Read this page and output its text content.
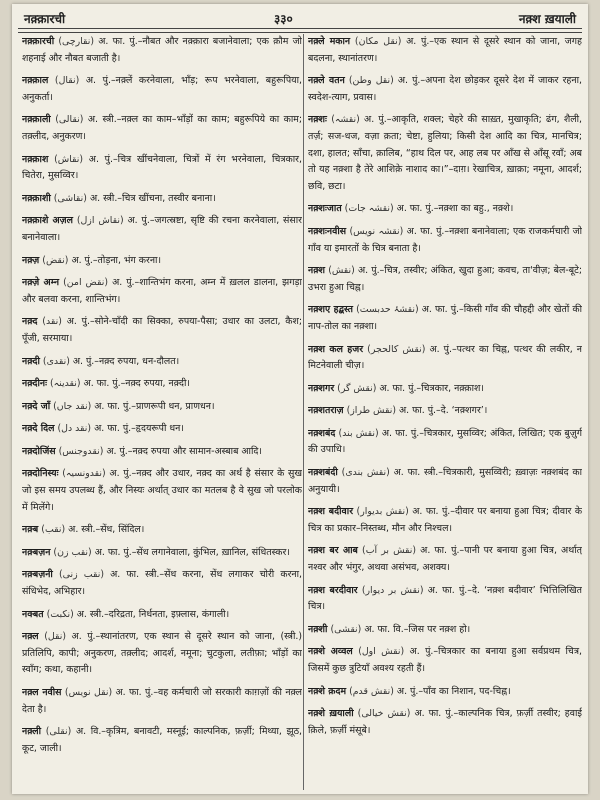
नक़्क़ारची	३३०	नक़्श ख़याली
नक़्क़ारची (نقارچی) अ. फा. पुं.–नौबत और नक़्क़ारा बजानेवाला; एक क़ौम जो शहनाई और नौबत बजाती है।
नक़्क़ाल (نقال) अ. पुं.–नक़्लें करनेवाला, भाँड़; रूप भरनेवाला, बहुरूपिया, अनुकर्ता।
नक़्क़ाली (نقالی) अ. स्त्री.–नक़्ल का काम–भाँड़ों का काम; बहुरूपिये का काम; तक़्लीद, अनुकरण।
नक़्क़ाश (نقاش) अ. पुं.–चित्र खींचनेवाला, चित्रों में रंग भरनेवाला, चित्रकार, चितेरा, मुसव्विर।
नक़्क़ाशी (نقاشی) अ. स्त्री.–चित्र खींचना, तस्वीर बनाना।
नक़्क़ाशे अज़ल (نقاش ازل) अ. पुं.–जगत्स्रष्टा, सृष्टि की रचना करनेवाला, संसार बनानेवाला।
नक़्ज़ (نقض) अ. पुं.–तोड़ना, भंग करना।
नक़्ज़े अम्न (نقض امن) अ. पुं.–शान्तिभंग करना, अम्न में ख़लल डालना, झगड़ा और बलवा करना, शान्तिभंग।
नक़्द (نقد) अ. पुं.–सोने-चाँदी का सिक्का, रुपया-पैसा; उधार का उलटा, कैश; पूँजी, सरमाया।
नक़्दी (نقدی) अ. पुं.–नक़्द रुपया, धन-दौलत।
नक़्दीनः (نقدینہ) अ. फा. पुं.–नक़्द रुपया, नक़्दी।
नक़्दे जाँ (نقد جاں) अ. फा. पुं.–प्राणरूपी धन, प्राणधन।
नक़्दे दिल (نقد دل) अ. फा. पुं.–हृदयरूपी धन।
नक़्दोजिंस (نقدوجنس) अ. पुं.–नक़्द रुपया और सामान-अस्बाब आदि।
नक़्दोनिस्यः (نقدونسیہ) अ. पुं.–नक़्द और उधार, नक़्द का अर्थ है संसार के सुख जो इस समय उपलब्ध हैं, और निस्यः अर्थात् उधार का मतलब है वे सुख जो परलोक में मिलेंगे।
नक़्ब (نقب) अ. स्त्री.–सेंध, सिंदिल।
नक़्बज़न (نقب زن) अ. फा. पुं.–सेंध लगानेवाला, कुंभिल, ख़ानिल, संधितस्कर।
नक़्बज़नी (نقب زنی) अ. फा. स्त्री.–सेंध करना, सेंध लगाकर चोरी करना, संधिभेद, अभिहार।
नक्बत (نکبت) अ. स्त्री.–दरिद्रता, निर्धनता, इफ़्लास, कंगाली।
नक़्ल (نقل) अ. पुं.–स्थानांतरण, एक स्थान से दूसरे स्थान को जाना, (स्त्री.) प्रतिलिपि, कापी; अनुकरण, तक़्लीद; आदर्श, नमूना; चुटकुला, लतीफ़ा; भाँड़ों का स्वाँग; कथा, कहानी।
नक़्ल नवीस (نقل نویس) अ. फा. पुं.–वह कर्मचारी जो सरकारी काग़ज़ों की नक़्ल देता है।
नक़्ली (نقلی) अ. वि.–कृत्रिम, बनावटी, मस्नूई; काल्पनिक, फ़र्ज़ी; मिथ्या, झूठ, कूट, जाली।
नक़्ले मकान (نقل مکان) अ. पुं.–एक स्थान से दूसरे स्थान को जाना, जगह बदलना, स्थानांतरण।
नक़्ले वतन (نقل وطن) अ. पुं.–अपना देश छोड़कर दूसरे देश में जाकर रहना, स्वदेश-त्याग, प्रवास।
नक़्शः (نقشہ) अ. पुं.–आकृति, शक्ल; चेहरे की साख़्त, मुखाकृति; ढंग, शैली, तर्ज़; सज-धज, वज़ा क़ता; चेष्टा, हुलिया; किसी देश आदि का चित्र, मानचित्र; दशा, हालत; साँचा, क़ालिब, “हाथ दिल पर, आह लब पर आँख से आँसू रवाँ; अब तो यह नक़्शा है तेरे आशिक़े नाशाद का।”–दाग़। रेखाचित्र, ख़ाक़ा; नमूना, आदर्श; छवि, छटा।
नक़्शःजात (نقشہ جات) अ. फा. पुं.–नक़्शा का बहु., नक़्शे।
नक़्शःनवीस (نقشہ نویس) अ. फा. पुं.–नक़्शा बनानेवाला; एक राजकर्मचारी जो गाँव या इमारतों के चित्र बनाता है।
नक़्श (نقش) अ. पुं.–चित्र, तस्वीर; अंकित, खुदा हुआ; कवच, ता'वीज़; बेल-बूटे; उभरा हुआ चिह्न।
नक़्शए हद्बस्त (نقشۂ حدبست) अ. फा. पुं.–किसी गाँव की चौहद्दी और खेतों की नाप-तोल का नक़्शा।
नक़्श कल हजर (نقش کالحجر) अ. पुं.–पत्थर का चिह्न, पत्थर की लकीर, न मिटनेवाली चीज़।
नक़्शगर (نقش گر) अ. फा. पुं.–चित्रकार, नक़्क़ाश।
नक़्शतराज़ (نقش طراز) अ. फा. पुं.–दे. ‘नक़्शगर’।
नक़्शबंद (نقش بند) अ. फा. पुं.–चित्रकार, मुसव्विर; अंकित, लिखित; एक बुज़ुर्ग की उपाधि।
नक़्शबंदी (نقش بندی) अ. फा. स्त्री.–चित्रकारी, मुसव्विरी; ख़्वाज़ः नक़्शबंद का अनुयायी।
नक़्श बदीवार (نقش بدیوار) अ. फा. पुं.–दीवार पर बनाया हुआ चित्र; दीवार के चित्र का प्रकार–निस्तब्ध, मौन और निश्चल।
नक़्श बर आब (نقش بر آب) अ. फा. पुं.–पानी पर बनाया हुआ चित्र, अर्थात् नश्वर और भंगुर, अथवा असंभव, अशक्य।
नक़्श बरदीवार (نقش بر دیوار) अ. फा. पुं.–दे. ‘नक़्श बदीवार’ भित्तिलिखित चित्र।
नक़्शी (نقشی) अ. फा. वि.–जिस पर नक़्श हो।
नक़्शे अव्वल (نقش اول) अ. पुं.–चित्रकार का बनाया हुआ सर्वप्रथम चित्र, जिसमें कुछ त्रुटियाँ अवश्य रहती हैं।
नक़्शे क़दम (نقش قدم) अ. पुं.–पाँव का निशान, पद-चिह्न।
नक़्शे ख़याली (نقش خیالی) अ. फा. पुं.–काल्पनिक चित्र, फ़र्ज़ी तस्वीर; हवाई क़िले, फ़र्ज़ी मंसूबे।
